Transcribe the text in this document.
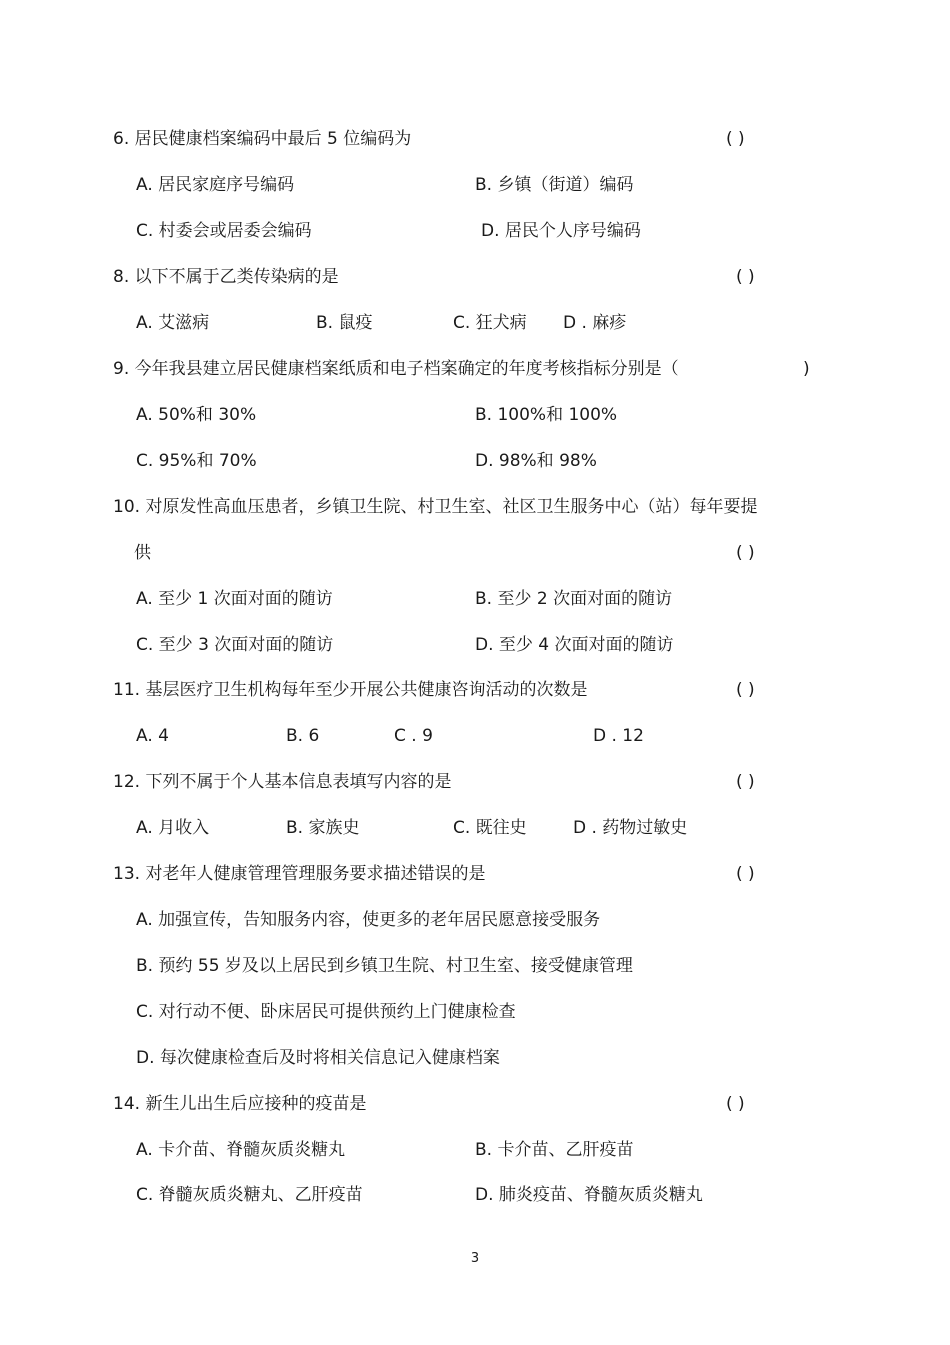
6. 居民健康档案编码中最后 5 位编码为	( )
A. 居民家庭序号编码	B. 乡镇（街道）编码
C. 村委会或居委会编码	D. 居民个人序号编码
8. 以下不属于乙类传染病的是	( )
A. 艾滋病	B. 鼠疫	C. 狂犬病 D . 麻疹
9. 今年我县建立居民健康档案纸质和电子档案确定的年度考核指标分别是（	)
A. 50%和 30%	B. 100%和 100%
C. 95%和 70%	D. 98%和 98%
10. 对原发性高血压患者，乡镇卫生院、村卫生室、社区卫生服务中心（站）每年要提
供	( )
A. 至少 1 次面对面的随访	B. 至少 2 次面对面的随访
C. 至少 3 次面对面的随访	D. 至少 4 次面对面的随访
11. 基层医疗卫生机构每年至少开展公共健康咨询活动的次数是	( )
A. 4	B. 6	C . 9	D . 12
12. 下列不属于个人基本信息表填写内容的是	( )
A. 月收入	B. 家族史	C. 既往史	D . 药物过敏史
13. 对老年人健康管理管理服务要求描述错误的是	( )
A. 加强宣传，告知服务内容，使更多的老年居民愿意接受服务
B. 预约 55 岁及以上居民到乡镇卫生院、村卫生室、接受健康管理
C. 对行动不便、卧床居民可提供预约上门健康检查
D. 每次健康检查后及时将相关信息记入健康档案
14. 新生儿出生后应接种的疫苗是	( )
A. 卡介苗、脊髓灰质炎糖丸	B. 卡介苗、乙肝疫苗
C. 脊髓灰质炎糖丸、乙肝疫苗	D. 肺炎疫苗、脊髓灰质炎糖丸
3
